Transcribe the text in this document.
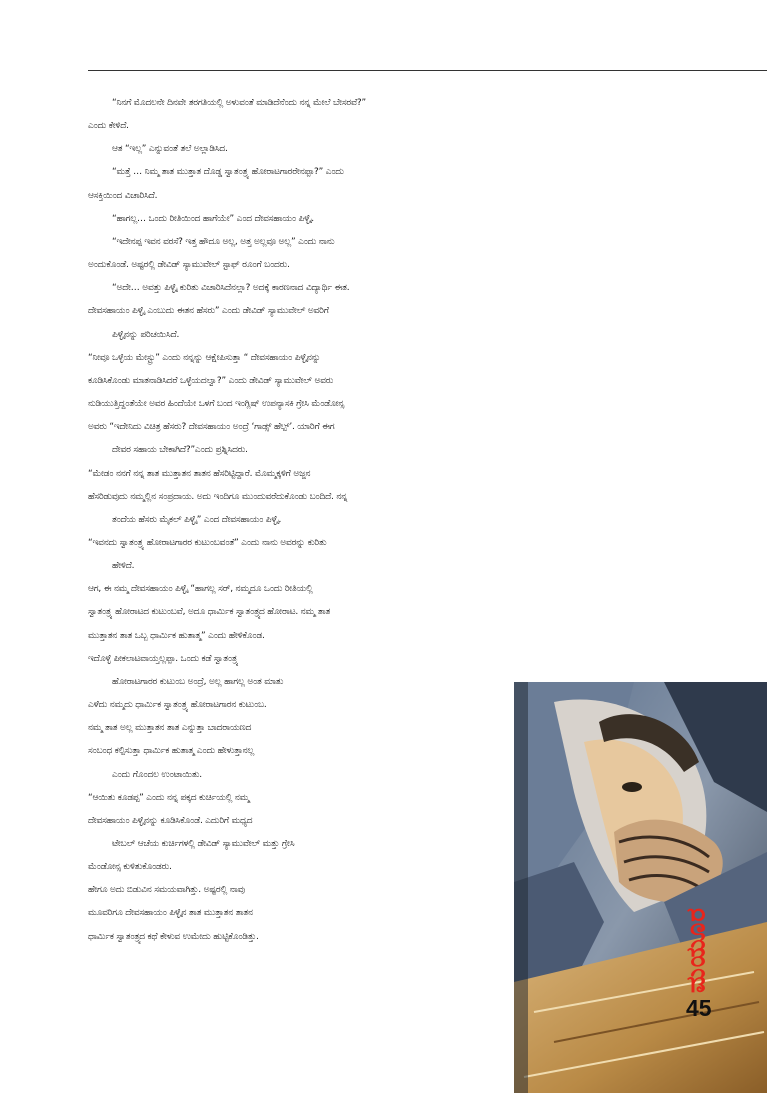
“ನಿನಗೆ ಮೊದಲನೇ ದಿನವೇ ತರಗತಿಯಲ್ಲಿ ಅಳುವಂತೆ ಮಾಡಿದೆನೆಂದು ನನ್ನ ಮೇಲೆ ಬೇಸರವೆ?”
ಎಂದು ಕೇಳಿದೆ.
ಆತ “ಇಲ್ಲ” ಎನ್ನುವಂತೆ ತಲೆ ಅಲ್ಲಾಡಿಸಿದ.
“ಮತ್ತೆ … ನಿಮ್ಮ ತಾತ ಮುತ್ತಾತ ದೊಡ್ಡ ಸ್ವಾತಂತ್ರ್ಯ ಹೋರಾಟಗಾರರೇನಪ್ಪಾ?” ಎಂದು
ಆಸಕ್ತಿಯಿಂದ ವಿಚಾರಿಸಿದೆ.
“ಹಾಗಲ್ಲ… ಒಂದು ರೀತಿಯಿಂದ ಹಾಗೆಯೇ” ಎಂದ ದೇವಸಹಾಯಂ ಪಿಳ್ಳೈ.
“ಇದೇನಪ್ಪ ಇವನ ವರಸೆ? ಇತ್ತ ಹೌದೂ ಅಲ್ಲ, ಅತ್ತ ಅಲ್ಲವೂ ಅಲ್ಲ” ಎಂದು ನಾನು
ಅಂದುಕೊಂಡೆ. ಅಷ್ಟರಲ್ಲಿ ಡೇವಿಡ್ ಸ್ಯಾಮುವೇಲ್ ಸ್ಟಾಫ್ ರೂಂಗೆ ಬಂದರು.
“ಅದೇ… ಅವತ್ತು ಪಿಳ್ಳೈ ಕುರಿತು ವಿಚಾರಿಸಿದೆನಲ್ಲಾ? ಅದಕ್ಕೆ ಕಾರಣನಾದ ವಿದ್ಯಾರ್ಥಿ ಈತ.
ದೇವಸಹಾಯಂ ಪಿಳ್ಳೈ ಎಂಬುದು ಈತನ ಹೆಸರು” ಎಂದು ಡೇವಿಡ್ ಸ್ಯಾಮುವೇಲ್ ಅವರಿಗೆ
ಪಿಳ್ಳೈನನ್ನು ಪರಿಚಯಿಸಿದೆ.
“ನೀವೂ ಒಳ್ಳೆಯ ಮೇಸ್ಟ್ರು” ಎಂದು ನನ್ನನ್ನು ಆಕ್ಷೇಪಿಸುತ್ತಾ “ ದೇವಸಹಾಯಂ ಪಿಳ್ಳೈನನ್ನು
ಕೂಡಿಸಿಕೊಂಡು ಮಾತನಾಡಿಸಿದರೆ ಒಳ್ಳೆಯದಲ್ವಾ?” ಎಂದು ಡೇವಿಡ್ ಸ್ಯಾಮುವೇಲ್ ಅವರು
ನುಡಿಯುತ್ತಿದ್ದಂತೆಯೇ ಅವರ ಹಿಂದೆಯೇ ಒಳಗೆ ಬಂದ ಇಂಗ್ಲಿಷ್ ಉಪನ್ಯಾಸಕಿ ಗ್ರೇಸಿ ಮೆಂಡೋನ್ಸ
ಅವರು “ಇದೇನಿದು ವಿಚಿತ್ರ ಹೆಸರು? ದೇವಸಹಾಯಂ ಅಂದ್ರೆ ‘ಗಾಡ್ಸ್ ಹೆಲ್ಪ್’. ಯಾರಿಗೆ ಈಗ
ದೇವರ ಸಹಾಯ ಬೇಕಾಗಿದೆ?”ಎಂದು ಪ್ರಶ್ನಿಸಿದರು.
“ಮೇಡಂ ನನಗೆ ನನ್ನ ತಾತ ಮುತ್ತಾತನ ತಾತನ ಹೆಸರಿಟ್ಟಿದ್ದಾರೆ. ಮೊಮ್ಮಕ್ಕಳಿಗೆ ಅಜ್ಜನ
ಹೆಸರಿಡುವುದು ನಮ್ಮಲ್ಲಿನ ಸಂಪ್ರದಾಯ. ಅದು ಇಂದಿಗೂ ಮುಂದುವರೆದುಕೊಂಡು ಬಂದಿದೆ. ನನ್ನ
ತಂದೆಯ ಹೆಸರು ಮೈಕಲ್ ಪಿಳ್ಳೈ” ಎಂದ ದೇವಸಹಾಯಂ ಪಿಳ್ಳೈ.
“ಇವನದು ಸ್ವಾತಂತ್ರ್ಯ ಹೋರಾಟಗಾರರ ಕುಟುಂಬವಂತೆ” ಎಂದು ನಾನು ಅವರನ್ನು ಕುರಿತು
ಹೇಳಿದೆ.
ಆಗ, ಈ ನಮ್ಮ ದೇವಸಹಾಯಂ ಪಿಳ್ಳೈ “ಹಾಗಲ್ಲ ಸರ್, ನಮ್ಮದೂ ಒಂದು ರೀತಿಯಲ್ಲಿ
ಸ್ವಾತಂತ್ರ್ಯ ಹೋರಾಟದ ಕುಟುಂಬವೆ, ಅದೂ ಧಾರ್ಮಿಕ ಸ್ವಾತಂತ್ರ್ಯದ ಹೋರಾಟ. ನಮ್ಮ ತಾತ
ಮುತ್ತಾತನ ತಾತ ಒಬ್ಬ ಧಾರ್ಮಿಕ ಹುತಾತ್ಮ” ಎಂದು ಹೇಳಿಕೊಂಡ.
ಇದೊಳ್ಳೆ ಪೀಕಲಾಟವಾಯ್ತಲ್ಲಪ್ಪಾ. ಒಂದು ಕಡೆ ಸ್ವಾತಂತ್ರ್ಯ
ಹೋರಾಟಗಾರರ ಕುಟುಂಬ ಅಂದ್ರೆ, ಅಲ್ಲ ಹಾಗಲ್ಲ ಅಂತ ಮಾತು
ಎಳೆದು ನಮ್ಮದು ಧಾರ್ಮಿಕ ಸ್ವಾತಂತ್ರ್ಯ ಹೋರಾಟಗಾರನ ಕುಟುಂಬ.
ನಮ್ಮ ತಾತ ಅಲ್ಲ ಮುತ್ತಾತನ ತಾತ ಎನ್ನುತ್ತಾ ಬಾದರಾಯಣದ
ಸಂಬಂಧ ಕಲ್ಪಿಸುತ್ತಾ ಧಾರ್ಮಿಕ ಹುತಾತ್ಮ ಎಂದು ಹೇಳುತ್ತಾನಲ್ಲ
ಎಂದು ಗೊಂದಲ ಉಂಟಾಯಿತು.
“ಆಯಿತು ಕೂಡಪ್ಪ” ಎಂದು ನನ್ನ ಪಕ್ಕದ ಕುರ್ಚಿಯಲ್ಲಿ ನಮ್ಮ
ದೇವಸಹಾಯಂ ಪಿಳ್ಳೈನನ್ನು ಕೂಡಿಸಿಕೊಂಡೆ. ಎದುರಿಗೆ ಮಧ್ಯದ
ಟೇಬಲ್ ಆಚೆಯ ಕುರ್ಚಿಗಳಲ್ಲಿ ಡೇವಿಡ್ ಸ್ಯಾಮುವೇಲ್ ಮತ್ತು ಗ್ರೇಸಿ
ಮೆಂಡೋನ್ಸ ಕುಳಿತುಕೊಂಡರು.
ಹೇಗೂ ಅದು ಬಿಡುವಿನ ಸಮಯವಾಗಿತ್ತು. ಅಷ್ಟರಲ್ಲಿ ನಾವು
ಮೂವರಿಗೂ ದೇವಸಹಾಯಂ ಪಿಳ್ಳೈನ ತಾತ ಮುತ್ತಾತನ ತಾತನ
ಧಾರ್ಮಿಕ ಸ್ವಾತಂತ್ರ್ಯದ ಕಥೆ ಕೇಳುವ ಉಮೇದು ಹುಟ್ಟಿಕೊಂಡಿತ್ತು.	ಮಯೂರ
45
